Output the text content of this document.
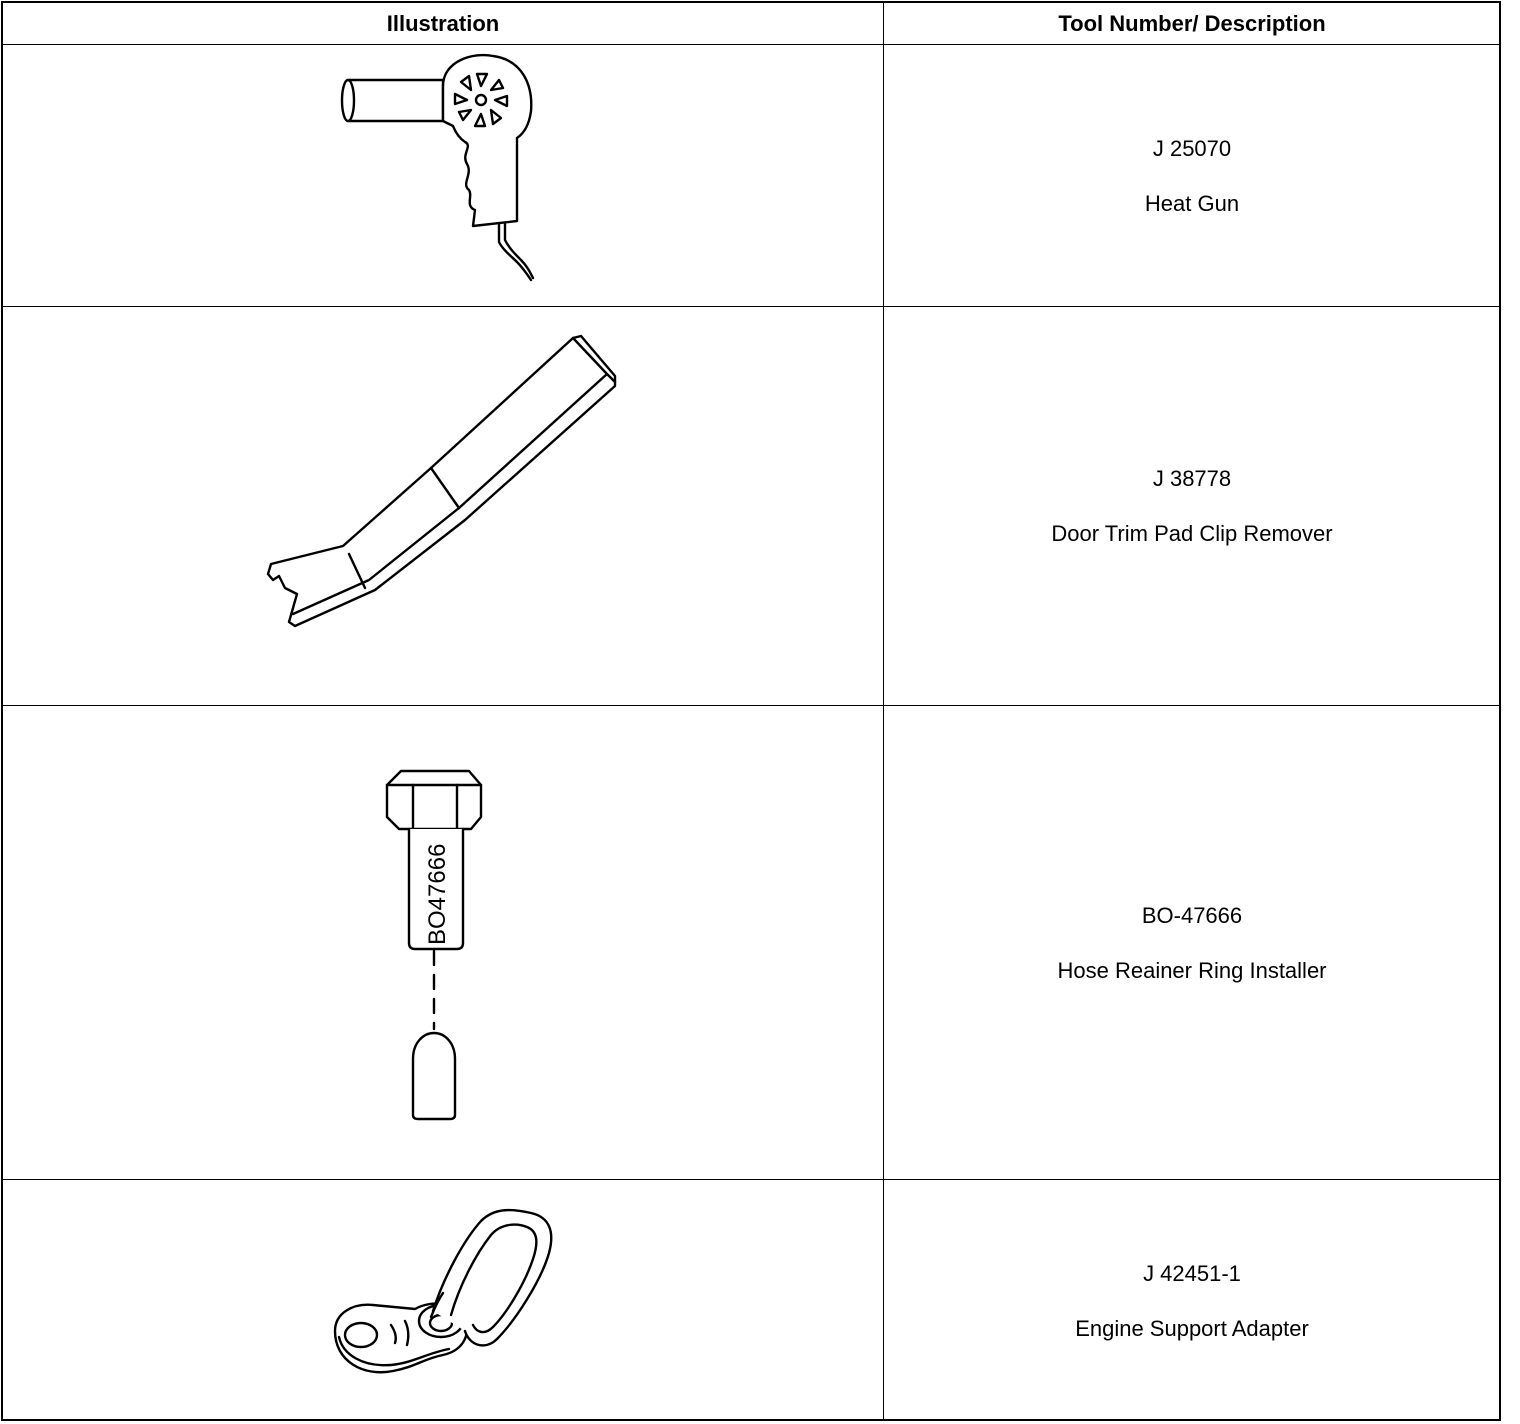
Illustration	Tool Number/ Description
J 25070
Heat Gun
J 38778
Door Trim Pad Clip Remover
BO47666	BO-47666
Hose Reainer Ring Installer
J 42451-1
Engine Support Adapter
